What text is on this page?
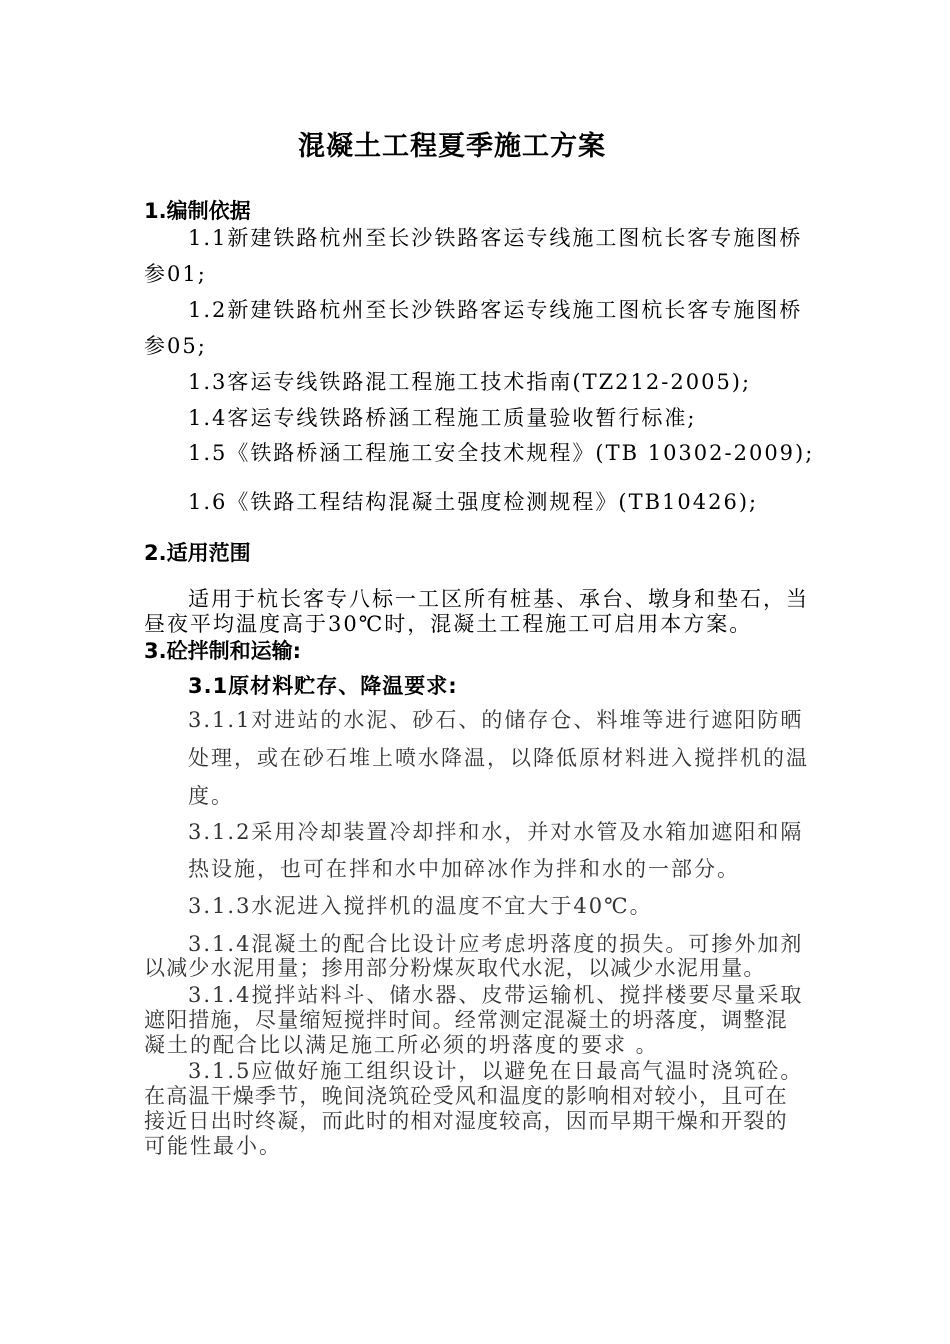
混凝土工程夏季施工方案
1.编制依据
1.1新建铁路杭州至长沙铁路客运专线施工图杭长客专施图桥
参01;
1.2新建铁路杭州至长沙铁路客运专线施工图杭长客专施图桥
参05;
1.3客运专线铁路混工程施工技术指南(TZ212-2005);
1.4客运专线铁路桥涵工程施工质量验收暂行标准;
1.5《铁路桥涵工程施工安全技术规程》(TB 10302-2009);
1.6《铁路工程结构混凝土强度检测规程》(TB10426);
2.适用范围
适用于杭长客专八标一工区所有桩基、承台、墩身和垫石，当
昼夜平均温度高于30℃时，混凝土工程施工可启用本方案。
3.砼拌制和运输:
3.1原材料贮存、降温要求:
3.1.1对进站的水泥、砂石、的储存仓、料堆等进行遮阳防晒
处理，或在砂石堆上喷水降温，以降低原材料进入搅拌机的温
度。
3.1.2采用冷却装置冷却拌和水，并对水管及水箱加遮阳和隔
热设施，也可在拌和水中加碎冰作为拌和水的一部分。
3.1.3水泥进入搅拌机的温度不宜大于40℃。
3.1.4混凝土的配合比设计应考虑坍落度的损失。可掺外加剂
以减少水泥用量；掺用部分粉煤灰取代水泥，以减少水泥用量。
3.1.4搅拌站料斗、储水器、皮带运输机、搅拌楼要尽量采取
遮阳措施，尽量缩短搅拌时间。经常测定混凝土的坍落度，调整混
凝土的配合比以满足施工所必须的坍落度的要求 。
3.1.5应做好施工组织设计，以避免在日最高气温时浇筑砼。
在高温干燥季节，晚间浇筑砼受风和温度的影响相对较小，且可在
接近日出时终凝，而此时的相对湿度较高，因而早期干燥和开裂的
可能性最小。
